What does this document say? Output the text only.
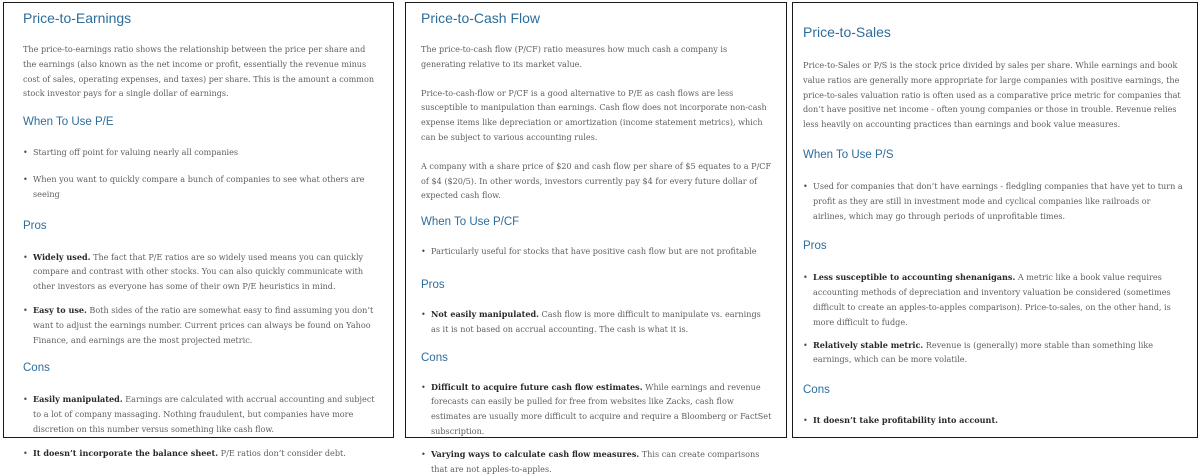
Price-to-Earnings

The price-to-earnings ratio shows the relationship between the price per share and the earnings (also known as the net income or profit, essentially the revenue minus cost of sales, operating expenses, and taxes) per share. This is the amount a common stock investor pays for a single dollar of earnings.

When To Use P/E
• Starting off point for valuing nearly all companies
• When you want to quickly compare a bunch of companies to see what others are seeing
Pros
• Widely used. The fact that P/E ratios are so widely used means you can quickly compare and contrast with other stocks. You can also quickly communicate with other investors as everyone has some of their own P/E heuristics in mind.
• Easy to use. Both sides of the ratio are somewhat easy to find assuming you don’t want to adjust the earnings number. Current prices can always be found on Yahoo Finance, and earnings are the most projected metric.
Cons
• Easily manipulated. Earnings are calculated with accrual accounting and subject to a lot of company massaging. Nothing fraudulent, but companies have more discretion on this number versus something like cash flow.
• It doesn’t incorporate the balance sheet. P/E ratios don’t consider debt.
Price-to-Cash Flow

The price-to-cash flow (P/CF) ratio measures how much cash a company is generating relative to its market value.

Price-to-cash-flow or P/CF is a good alternative to P/E as cash flows are less susceptible to manipulation than earnings. Cash flow does not incorporate non-cash expense items like depreciation or amortization (income statement metrics), which can be subject to various accounting rules.

A company with a share price of $20 and cash flow per share of $5 equates to a P/CF of $4 ($20/5). In other words, investors currently pay $4 for every future dollar of expected cash flow.

When To Use P/CF
• Particularly useful for stocks that have positive cash flow but are not profitable
Pros
• Not easily manipulated. Cash flow is more difficult to manipulate vs. earnings as it is not based on accrual accounting. The cash is what it is.
Cons
• Difficult to acquire future cash flow estimates. While earnings and revenue forecasts can easily be pulled for free from websites like Zacks, cash flow estimates are usually more difficult to acquire and require a Bloomberg or FactSet subscription.
• Varying ways to calculate cash flow measures. This can create comparisons that are not apples-to-apples.
Price-to-Sales

Price-to-Sales or P/S is the stock price divided by sales per share. While earnings and book value ratios are generally more appropriate for large companies with positive earnings, the price-to-sales valuation ratio is often used as a comparative price metric for companies that don’t have positive net income - often young companies or those in trouble. Revenue relies less heavily on accounting practices than earnings and book value measures.

When To Use P/S
• Used for companies that don’t have earnings - fledgling companies that have yet to turn a profit as they are still in investment mode and cyclical companies like railroads or airlines, which may go through periods of unprofitable times.
Pros
• Less susceptible to accounting shenanigans. A metric like a book value requires accounting methods of depreciation and inventory valuation be considered (sometimes difficult to create an apples-to-apples comparison). Price-to-sales, on the other hand, is more difficult to fudge.
• Relatively stable metric. Revenue is (generally) more stable than something like earnings, which can be more volatile.
Cons
• It doesn’t take profitability into account.
